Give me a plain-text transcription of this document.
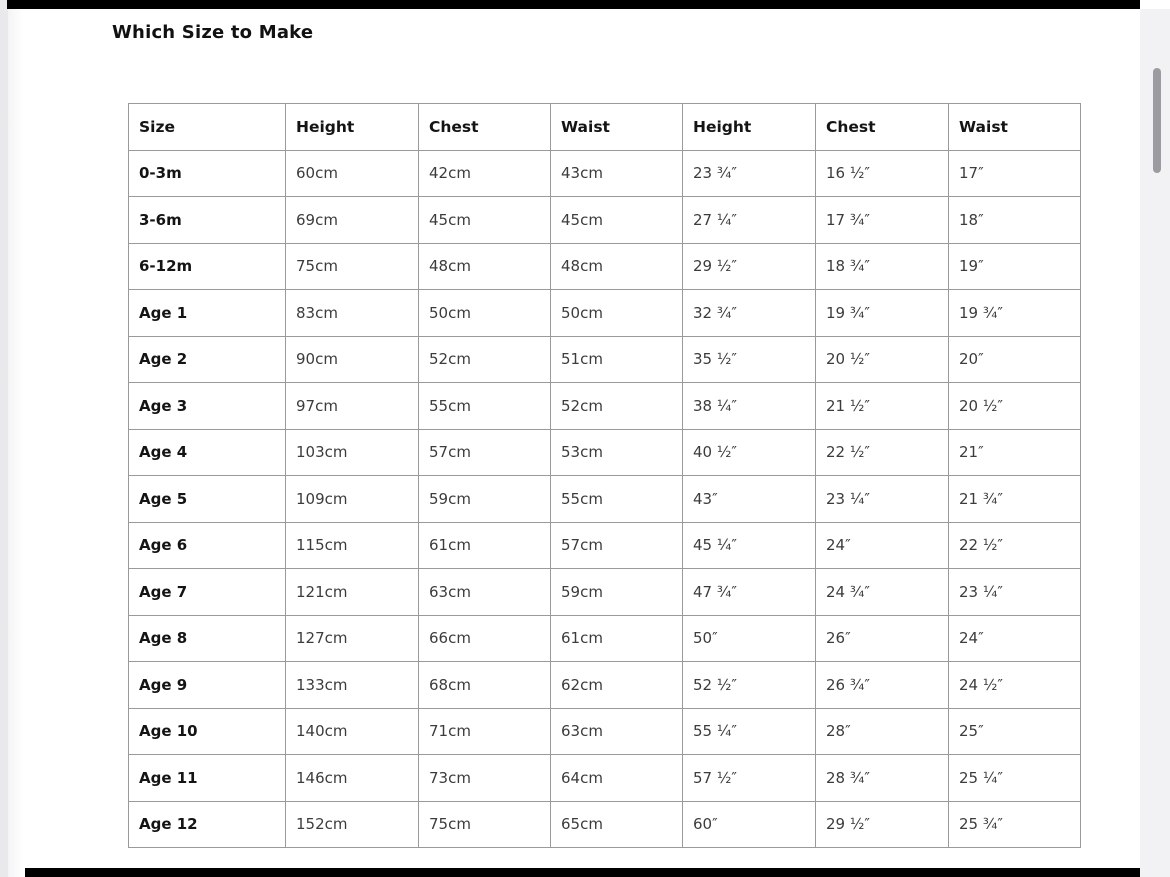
Which Size to Make
Size	Height	Chest	Waist	Height	Chest	Waist
0-3m	60cm	42cm	43cm	23 ¾″	16 ½″	17″
3-6m	69cm	45cm	45cm	27 ¼″	17 ¾″	18″
6-12m	75cm	48cm	48cm	29 ½″	18 ¾″	19″
Age 1	83cm	50cm	50cm	32 ¾″	19 ¾″	19 ¾″
Age 2	90cm	52cm	51cm	35 ½″	20 ½″	20″
Age 3	97cm	55cm	52cm	38 ¼″	21 ½″	20 ½″
Age 4	103cm	57cm	53cm	40 ½″	22 ½″	21″
Age 5	109cm	59cm	55cm	43″	23 ¼″	21 ¾″
Age 6	115cm	61cm	57cm	45 ¼″	24″	22 ½″
Age 7	121cm	63cm	59cm	47 ¾″	24 ¾″	23 ¼″
Age 8	127cm	66cm	61cm	50″	26″	24″
Age 9	133cm	68cm	62cm	52 ½″	26 ¾″	24 ½″
Age 10	140cm	71cm	63cm	55 ¼″	28″	25″
Age 11	146cm	73cm	64cm	57 ½″	28 ¾″	25 ¼″
Age 12	152cm	75cm	65cm	60″	29 ½″	25 ¾″
